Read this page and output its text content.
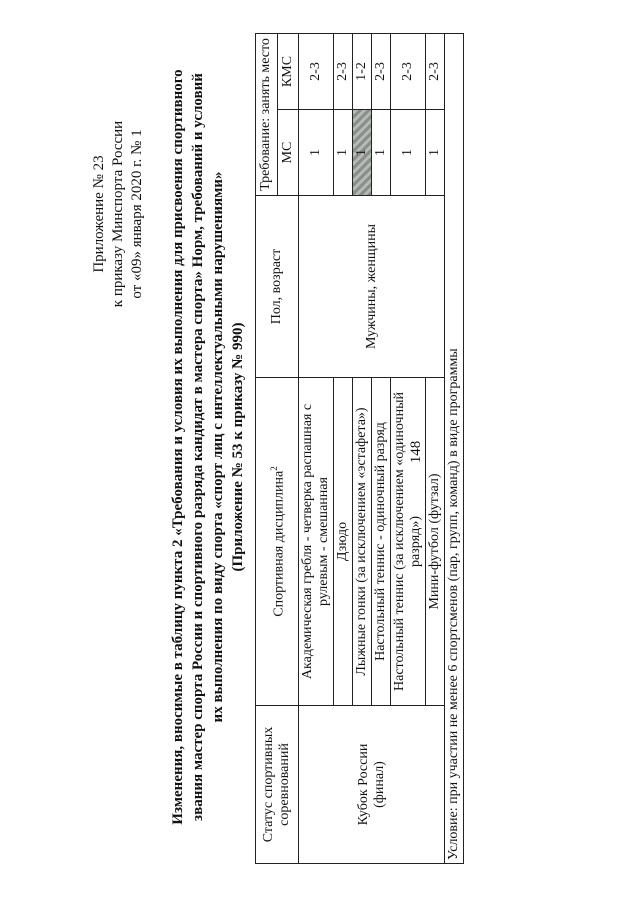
148
Приложение № 23 к приказу Минспорта России от «09» января 2020 г. № 1 Изменения, вносимые в таблицу пункта 2 «Требования и условия их выполнения для присвоения спортивного звания мастер спорта России и спортивного разряда кандидат в мастера спорта» Норм, требований и условий их выполнения по виду спорта «спорт лиц с интеллектуальными нарушениями» (Приложение № 53 к приказу № 990)
Статус спортивных соревнований	Спортивная дисциплина$^2$	Пол, возраст	Требование: занять место	
			МС	КМС

Кубок России (финал)	Академическая гребля - четверка распашная с рулевым - смешанная	Мужчины, женщины	1	2-3
	Дзюдо		1	2-3
	Лыжные гонки (за исключением «эстафета»)		1	1-2
	Настольный теннис - одиночный разряд		1	2-3
	Настольный теннис (за исключением «одиночный разряд»)		1	2-3
	Мини-футбол (футзал)		1	2-3
Условие: при участии не менее 6 спортсменов (пар, групп, команд) в виде программы				
